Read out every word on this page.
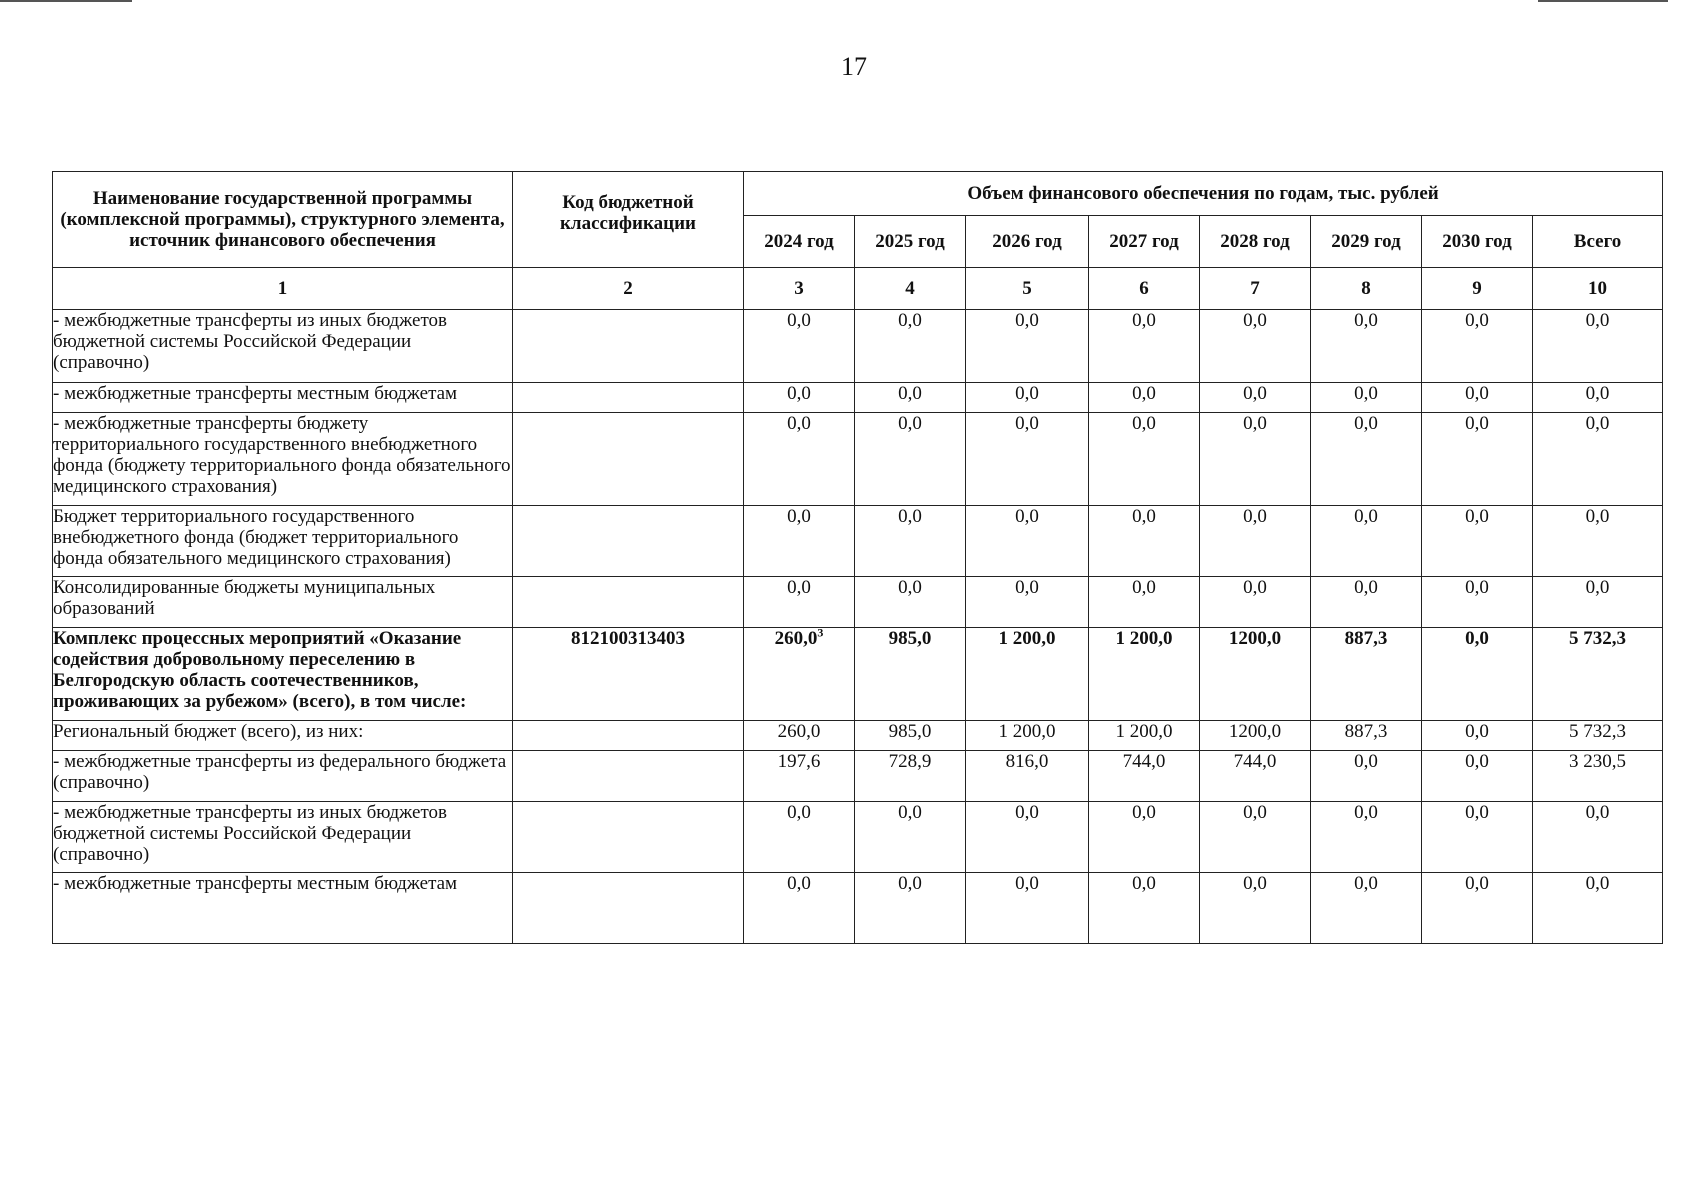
17
Наименование государственной программы (комплексной программы), структурного элемента, источник финансового обеспечения	Код бюджетной классификации	Объем финансового обеспечения по годам, тыс. рублей							
		2024 год	2025 год	2026 год	2027 год	2028 год	2029 год	2030 год	Всего
1	2	3	4	5	6	7	8	9	10
- межбюджетные трансферты из иных бюджетов бюджетной системы Российской Федерации (справочно)		0,0	0,0	0,0	0,0	0,0	0,0	0,0	0,0
- межбюджетные трансферты местным бюджетам		0,0	0,0	0,0	0,0	0,0	0,0	0,0	0,0
- межбюджетные трансферты бюджету территориального государственного внебюджетного фонда (бюджету территориального фонда обязательного медицинского страхования)		0,0	0,0	0,0	0,0	0,0	0,0	0,0	0,0
Бюджет территориального государственного внебюджетного фонда (бюджет территориального фонда обязательного медицинского страхования)		0,0	0,0	0,0	0,0	0,0	0,0	0,0	0,0
Консолидированные бюджеты муниципальных образований		0,0	0,0	0,0	0,0	0,0	0,0	0,0	0,0
Комплекс процессных мероприятий «Оказание содействия добровольному переселению в Белгородскую область соотечественников, проживающих за рубежом» (всего), в том числе:	812100313403	260,0$^3$	985,0	1 200,0	1 200,0	1200,0	887,3	0,0	5 732,3
Региональный бюджет (всего), из них:		260,0	985,0	1 200,0	1 200,0	1200,0	887,3	0,0	5 732,3
- межбюджетные трансферты из федерального бюджета (справочно)		197,6	728,9	816,0	744,0	744,0	0,0	0,0	3 230,5
- межбюджетные трансферты из иных бюджетов бюджетной системы Российской Федерации (справочно)		0,0	0,0	0,0	0,0	0,0	0,0	0,0	0,0
- межбюджетные трансферты местным бюджетам		0,0	0,0	0,0	0,0	0,0	0,0	0,0	0,0
